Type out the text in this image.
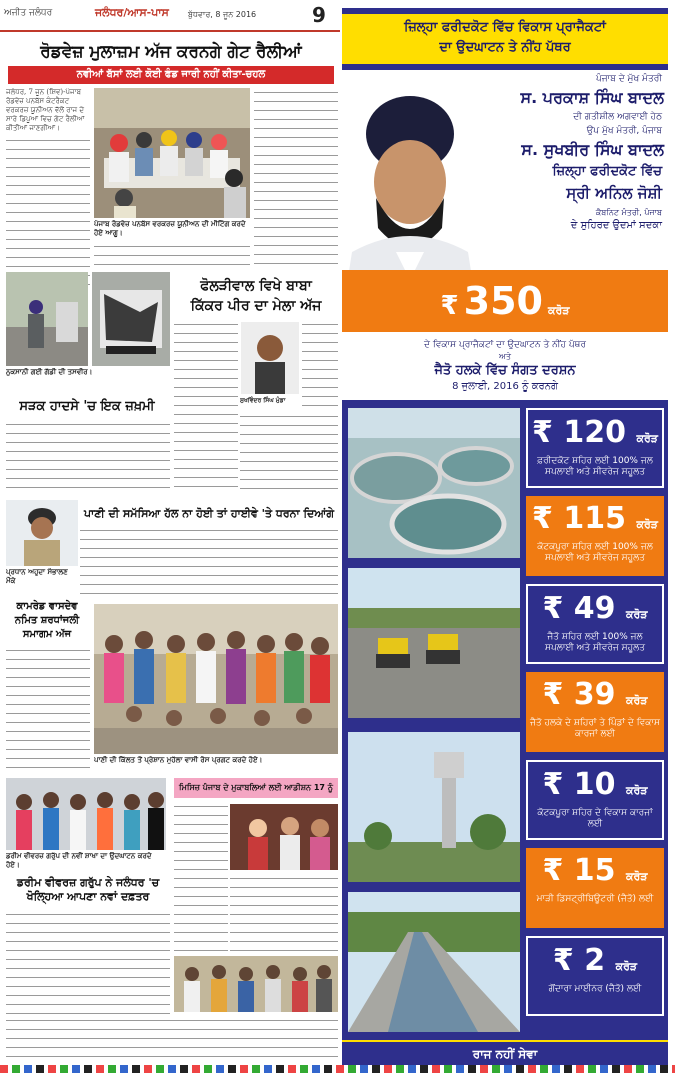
ਅਜੀਤ ਜਲੰਧਰ	ਜਲੰਧਰ/ਆਸ-ਪਾਸ ਬੁੱਧਵਾਰ, 8 ਜੂਨ 2016	9
ਰੋਡਵੇਜ਼ ਮੁਲਾਜ਼ਮ ਅੱਜ ਕਰਨਗੇ ਗੇਟ ਰੈਲੀਆਂ
ਨਵੀਆਂ ਬੱਸਾਂ ਲਈ ਕੋਈ ਫੰਡ ਜਾਰੀ ਨਹੀਂ ਕੀਤਾ-ਚਹਲ
ਜਲੰਧਰ, 7 ਜੂਨ (ਸ਼ਿਵ)-ਪੰਜਾਬ ਰੋਡਵੇਜ਼ ਪਨਬੱਸ ਕੰਟਰੈਕਟ ਵਰਕਰਜ਼ ਯੂਨੀਅਨ ਵੱਲੋਂ ਰਾਜ ਦੇ ਸਾਰੇ ਡਿਪੂਆਂ ਵਿਚ ਗੇਟ ਰੈਲੀਆਂ ਕੀਤੀਆਂ ਜਾਣਗੀਆਂ।
ਪੰਜਾਬ ਰੋਡਵੇਜ਼ ਪਨਬੱਸ ਵਰਕਰਜ਼ ਯੂਨੀਅਨ ਦੀ ਮੀਟਿੰਗ ਕਰਦੇ ਹੋਏ ਆਗੂ।
ਨੁਕਸਾਨੀ ਗਈ ਗੱਡੀ ਦੀ ਤਸਵੀਰ।
ਫੋਲੜੀਵਾਲ ਵਿਖੇ ਬਾਬਾ
ਕਿੱਕਰ ਪੀਰ ਦਾ ਮੇਲਾ ਅੱਜ
ਸੁਖਵਿੰਦਰ ਸਿੰਘ ਮੁੰਡਾ
ਸੜਕ ਹਾਦਸੇ 'ਚ ਇਕ ਜ਼ਖ਼ਮੀ
ਪਾਣੀ ਦੀ ਸਮੱਸਿਆ ਹੱਲ ਨਾ ਹੋਈ ਤਾਂ ਹਾਈਵੇ 'ਤੇ ਧਰਨਾ ਦਿਆਂਗੇ
ਪ੍ਰਧਾਨ ਅਹੁਦਾ ਸੰਭਾਲਣ ਮੌਕੇ
ਕਾਮਰੇਡ ਵਾਸਦੇਵ
ਨਮਿਤ ਸ਼ਰਧਾਂਜਲੀ
ਸਮਾਗਮ ਅੱਜ
ਪਾਣੀ ਦੀ ਕਿੱਲਤ ਤੋਂ ਪ੍ਰੇਸ਼ਾਨ ਮੁਹੱਲਾ ਵਾਸੀ ਰੋਸ ਪ੍ਰਗਟ ਕਰਦੇ ਹੋਏ।
ਡਰੀਮ ਵੀਵਰਜ਼ ਗਰੁੱਪ ਦੀ ਨਵੀਂ ਸ਼ਾਖਾ ਦਾ ਉਦਘਾਟਨ ਕਰਦੇ ਹੋਏ।
ਡਰੀਮ ਵੀਵਰਜ਼ ਗਰੁੱਪ ਨੇ ਜਲੰਧਰ 'ਚ ਖੋਲ੍ਹਿਆ ਆਪਣਾ ਨਵਾਂ ਦਫ਼ਤਰ
ਮਿਸਿਜ਼ ਪੰਜਾਬ ਦੇ ਮੁਕਾਬਲਿਆਂ ਲਈ ਆਡੀਸ਼ਨ 17 ਨੂੰ
ਜ਼ਿਲ੍ਹਾ ਫਰੀਦਕੋਟ ਵਿੱਚ ਵਿਕਾਸ ਪ੍ਰਾਜੈਕਟਾਂ
ਦਾ ਉਦਘਾਟਨ ਤੇ ਨੀਂਹ ਪੱਥਰ
ਪੰਜਾਬ ਦੇ ਮੁੱਖ ਮੰਤਰੀ
ਸ. ਪਰਕਾਸ਼ ਸਿੰਘ ਬਾਦਲ
ਦੀ ਗਤੀਸ਼ੀਲ ਅਗਵਾਈ ਹੇਠ
ਉਪ ਮੁੱਖ ਮੰਤਰੀ, ਪੰਜਾਬ
ਸ. ਸੁਖਬੀਰ ਸਿੰਘ ਬਾਦਲ
ਜ਼ਿਲ੍ਹਾ ਫਰੀਦਕੋਟ ਵਿੱਚ
ਸ੍ਰੀ ਅਨਿਲ ਜੋਸ਼ੀ
ਕੈਬਨਿਟ ਮੰਤਰੀ, ਪੰਜਾਬ
ਦੇ ਸੁਹਿਰਦ ਉਦਮਾਂ ਸਦਕਾ
₹ 350 ਕਰੋੜ
ਦੇ ਵਿਕਾਸ ਪ੍ਰਾਜੈਕਟਾਂ ਦਾ ਉਦਘਾਟਨ ਤੇ ਨੀਂਹ ਪੱਥਰ
ਅਤੇ
ਜੈਤੋ ਹਲਕੇ ਵਿੱਚ ਸੰਗਤ ਦਰਸ਼ਨ
8 ਜੁਲਾਈ, 2016 ਨੂੰ ਕਰਨਗੇ
₹ 120 ਕਰੋੜ
ਫ਼ਰੀਦਕੋਟ ਸ਼ਹਿਰ ਲਈ 100% ਜਲ ਸਪਲਾਈ ਅਤੇ ਸੀਵਰੇਜ ਸਹੂਲਤ
₹ 115 ਕਰੋੜ
ਕੋਟਕਪੂਰਾ ਸ਼ਹਿਰ ਲਈ 100% ਜਲ ਸਪਲਾਈ ਅਤੇ ਸੀਵਰੇਜ ਸਹੂਲਤ
₹ 49 ਕਰੋੜ
ਜੈਤੋ ਸ਼ਹਿਰ ਲਈ 100% ਜਲ ਸਪਲਾਈ ਅਤੇ ਸੀਵਰੇਜ ਸਹੂਲਤ
₹ 39 ਕਰੋੜ
ਜੈਤੋ ਹਲਕੇ ਦੇ ਸ਼ਹਿਰਾਂ ਤੇ ਪਿੰਡਾਂ ਦੇ ਵਿਕਾਸ ਕਾਰਜਾਂ ਲਈ
₹ 10 ਕਰੋੜ
ਕੋਟਕਪੂਰਾ ਸ਼ਹਿਰ ਦੇ ਵਿਕਾਸ ਕਾਰਜਾਂ ਲਈ
₹ 15 ਕਰੋੜ
ਮਾੜੀ ਡਿਸਟ੍ਰੀਬਿਊਟਰੀ (ਜੈਤੋ) ਲਈ
₹ 2 ਕਰੋੜ
ਗੋਂਦਾਰਾ ਮਾਈਨਰ (ਜੈਤੋ) ਲਈ
ਰਾਜ ਨਹੀਂ ਸੇਵਾ
